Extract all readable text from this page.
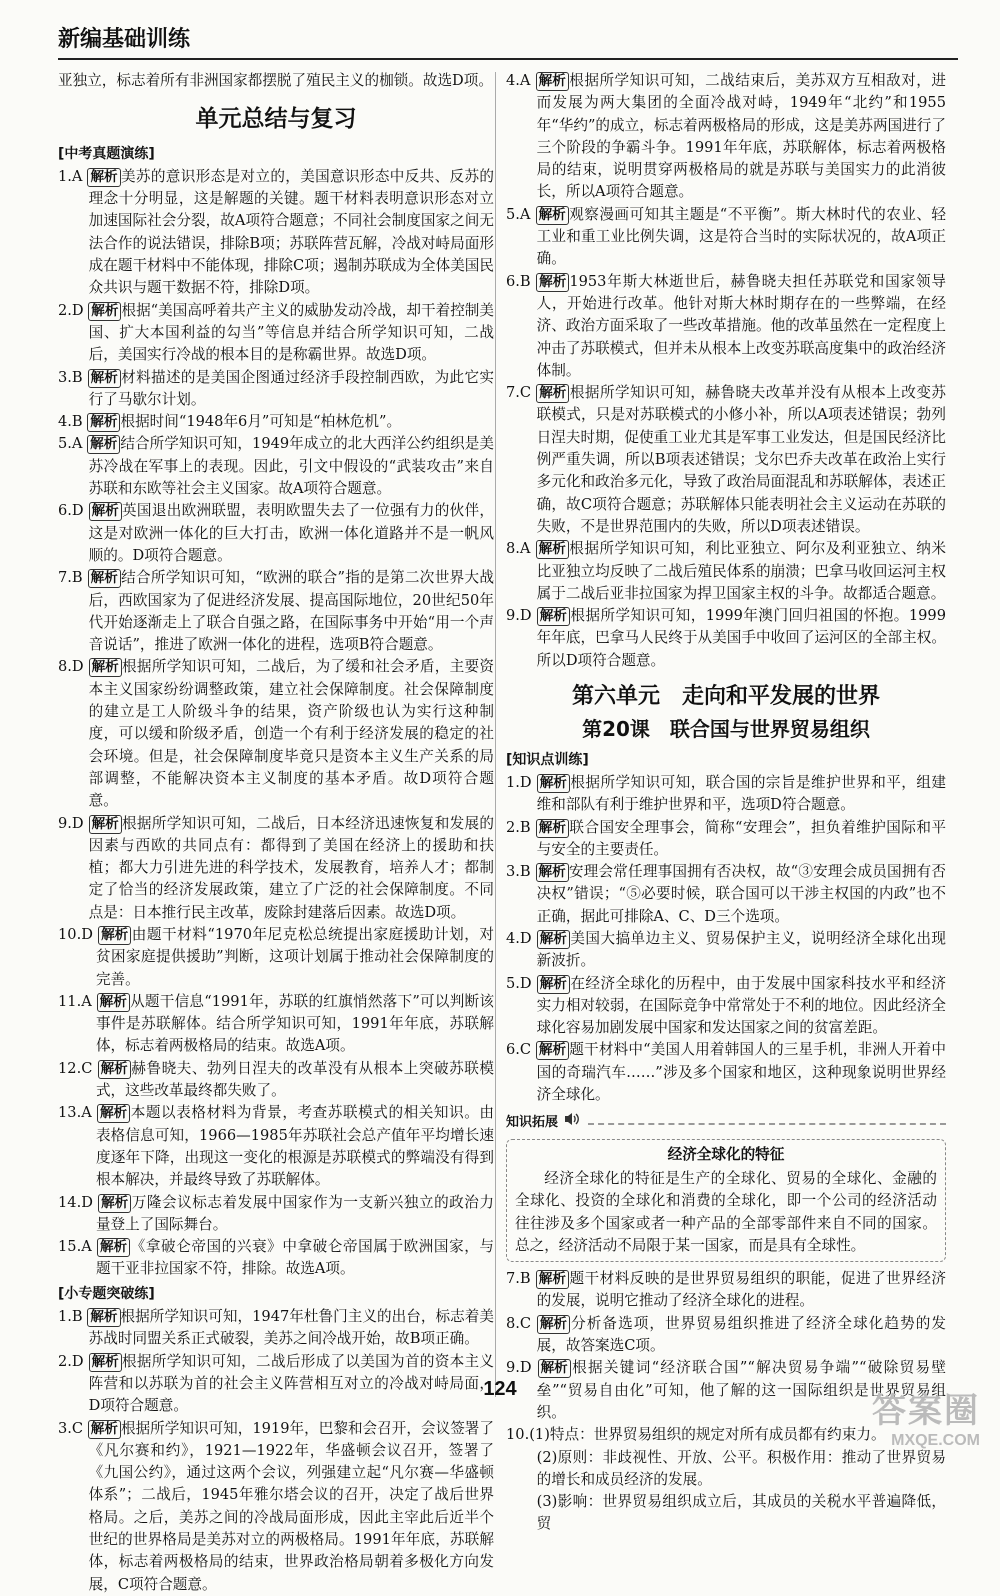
新编基础训练

亚独立，标志着所有非洲国家都摆脱了殖民主义的枷锁。故选D项。

单元总结与复习
[中考真题演练]

1.A 解析 美苏的意识形态是对立的，美国意识形态中反共、反苏的理念十分明显，这是解题的关键。题干材料表明意识形态对立加速国际社会分裂，故A项符合题意；不同社会制度国家之间无法合作的说法错误，排除B项；苏联阵营瓦解，冷战对峙局面形成在题干材料中不能体现，排除C项；遏制苏联成为全体美国民众共识与题干数据不符，排除D项。

2.D 解析 根据“美国高呼着共产主义的威胁发动冷战，却干着控制美国、扩大本国利益的勾当”等信息并结合所学知识可知，二战后，美国实行冷战的根本目的是称霸世界。故选D项。

3.B 解析 材料描述的是美国企图通过经济手段控制西欧，为此它实行了马歇尔计划。

4.B 解析 根据时间“1948年6月”可知是“柏林危机”。

5.A 解析 结合所学知识可知，1949年成立的北大西洋公约组织是美苏冷战在军事上的表现。因此，引文中假设的“武装攻击”来自苏联和东欧等社会主义国家。故A项符合题意。

6.D 解析 英国退出欧洲联盟，表明欧盟失去了一位强有力的伙伴，这是对欧洲一体化的巨大打击，欧洲一体化道路并不是一帆风顺的。D项符合题意。

7.B 解析 结合所学知识可知，“欧洲的联合”指的是第二次世界大战后，西欧国家为了促进经济发展、提高国际地位，20世纪50年代开始逐渐走上了联合自强之路，在国际事务中开始“用一个声音说话”，推进了欧洲一体化的进程，选项B符合题意。

8.D 解析 根据所学知识可知，二战后，为了缓和社会矛盾，主要资本主义国家纷纷调整政策，建立社会保障制度。社会保障制度的建立是工人阶级斗争的结果，资产阶级也认为实行这种制度，可以缓和阶级矛盾，创造一个有利于经济发展的稳定的社会环境。但是，社会保障制度毕竟只是资本主义生产关系的局部调整，不能解决资本主义制度的基本矛盾。故D项符合题意。

9.D 解析 根据所学知识可知，二战后，日本经济迅速恢复和发展的因素与西欧的共同点有：都得到了美国在经济上的援助和扶植；都大力引进先进的科学技术，发展教育，培养人才；都制定了恰当的经济发展政策，建立了广泛的社会保障制度。不同点是：日本推行民主改革，废除封建落后因素。故选D项。

10.D 解析 由题干材料“1970年尼克松总统提出家庭援助计划，对贫困家庭提供援助”判断，这项计划属于推动社会保障制度的完善。

11.A 解析 从题干信息“1991年，苏联的红旗悄然落下”可以判断该事件是苏联解体。结合所学知识可知，1991年年底，苏联解体，标志着两极格局的结束。故选A项。

12.C 解析 赫鲁晓夫、勃列日涅夫的改革没有从根本上突破苏联模式，这些改革最终都失败了。

13.A 解析 本题以表格材料为背景，考查苏联模式的相关知识。由表格信息可知，1966—1985年苏联社会总产值年平均增长速度逐年下降，出现这一变化的根源是苏联模式的弊端没有得到根本解决，并最终导致了苏联解体。

14.D 解析 万隆会议标志着发展中国家作为一支新兴独立的政治力量登上了国际舞台。

15.A 解析 《拿破仑帝国的兴衰》中拿破仑帝国属于欧洲国家，与题干亚非拉国家不符，排除。故选A项。

[小专题突破练]

1.B 解析 根据所学知识可知，1947年杜鲁门主义的出台，标志着美苏战时同盟关系正式破裂，美苏之间冷战开始，故B项正确。

2.D 解析 根据所学知识可知，二战后形成了以美国为首的资本主义阵营和以苏联为首的社会主义阵营相互对立的冷战对峙局面，D项符合题意。

3.C 解析 根据所学知识可知，1919年，巴黎和会召开，会议签署了《凡尔赛和约》，1921—1922年，华盛顿会议召开，签署了《九国公约》，通过这两个会议，列强建立起“凡尔赛—华盛顿体系”；二战后，1945年雅尔塔会议的召开，决定了战后世界格局。之后，美苏之间的冷战局面形成，因此主宰此后近半个世纪的世界格局是美苏对立的两极格局。1991年年底，苏联解体，标志着两极格局的结束，世界政治格局朝着多极化方向发展，C项符合题意。

4.A 解析 根据所学知识可知，二战结束后，美苏双方互相敌对，进而发展为两大集团的全面冷战对峙，1949年“北约”和1955年“华约”的成立，标志着两极格局的形成，这是美苏两国进行了三个阶段的争霸斗争。1991年年底，苏联解体，标志着两极格局的结束，说明贯穿两极格局的就是苏联与美国实力的此消彼长，所以A项符合题意。

5.A 解析 观察漫画可知其主题是“不平衡”。斯大林时代的农业、轻工业和重工业比例失调，这是符合当时的实际状况的，故A项正确。

6.B 解析 1953年斯大林逝世后，赫鲁晓夫担任苏联党和国家领导人，开始进行改革。他针对斯大林时期存在的一些弊端，在经济、政治方面采取了一些改革措施。他的改革虽然在一定程度上冲击了苏联模式，但并未从根本上改变苏联高度集中的政治经济体制。

7.C 解析 根据所学知识可知，赫鲁晓夫改革并没有从根本上改变苏联模式，只是对苏联模式的小修小补，所以A项表述错误；勃列日涅夫时期，促使重工业尤其是军事工业发达，但是国民经济比例严重失调，所以B项表述错误；戈尔巴乔夫改革在政治上实行多元化和政治多元化，导致了政治局面混乱和苏联解体，表述正确，故C项符合题意；苏联解体只能表明社会主义运动在苏联的失败，不是世界范围内的失败，所以D项表述错误。

8.A 解析 根据所学知识可知，利比亚独立、阿尔及利亚独立、纳米比亚独立均反映了二战后殖民体系的崩溃；巴拿马收回运河主权属于二战后亚非拉国家为捍卫国家主权的斗争。故都适合题意。

9.D 解析 根据所学知识可知，1999年澳门回归祖国的怀抱。1999年年底，巴拿马人民终于从美国手中收回了运河区的全部主权。所以D项符合题意。

第六单元　走向和平发展的世界
第20课　联合国与世界贸易组织
[知识点训练]

1.D 解析 根据所学知识可知，联合国的宗旨是维护世界和平，组建维和部队有利于维护世界和平，选项D符合题意。

2.B 解析 联合国安全理事会，简称“安理会”，担负着维护国际和平与安全的主要责任。

3.B 解析 安理会常任理事国拥有否决权，故“③安理会成员国拥有否决权”错误；“⑤必要时候，联合国可以干涉主权国的内政”也不正确，据此可排除A、C、D三个选项。

4.D 解析 美国大搞单边主义、贸易保护主义，说明经济全球化出现新波折。

5.D 解析 在经济全球化的历程中，由于发展中国家科技水平和经济实力相对较弱，在国际竞争中常常处于不利的地位。因此经济全球化容易加剧发展中国家和发达国家之间的贫富差距。

6.C 解析 题干材料中“美国人用着韩国人的三星手机，非洲人开着中国的奇瑞汽车……”涉及多个国家和地区，这种现象说明世界经济全球化。

知识拓展
经济全球化的特征

经济全球化的特征是生产的全球化、贸易的全球化、金融的全球化、投资的全球化和消费的全球化，即一个公司的经济活动往往涉及多个国家或者一种产品的全部零部件来自不同的国家。总之，经济活动不局限于某一国家，而是具有全球性。

7.B 解析 题干材料反映的是世界贸易组织的职能，促进了世界经济的发展，说明它推动了经济全球化的进程。

8.C 解析 分析备选项，世界贸易组织推进了经济全球化趋势的发展，故答案选C项。

9.D 解析 根据关键词“经济联合国”“解决贸易争端”“破除贸易壁垒”“贸易自由化”可知，他了解的这一国际组织是世界贸易组织。

10.(1)特点：世界贸易组织的规定对所有成员都有约束力。

(2)原则：非歧视性、开放、公平。积极作用：推动了世界贸易的增长和成员经济的发展。

(3)影响：世界贸易组织成立后，其成员的关税水平普遍降低，贸

124
答案圈
MXQE.COM
